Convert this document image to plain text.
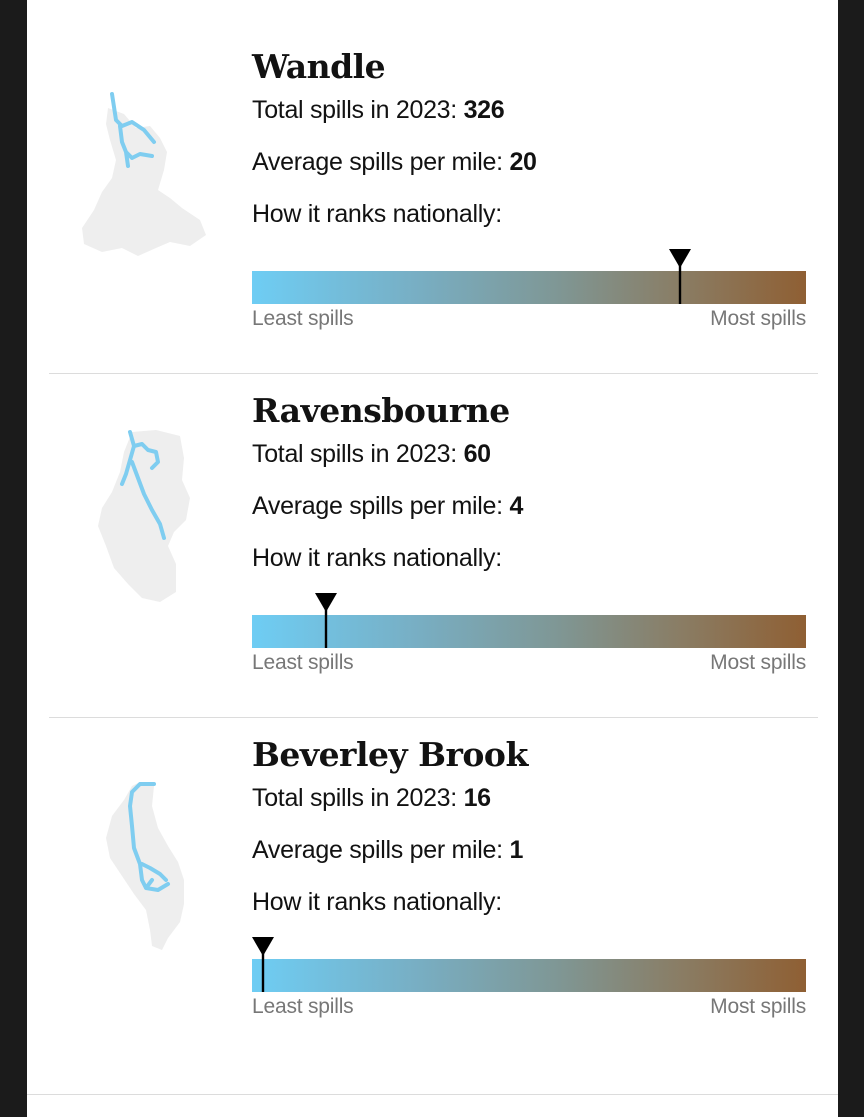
Wandle

Total spills in 2023: 326

Average spills per mile: 20

How it ranks nationally:

Least spills	Most spills

Ravensbourne

Total spills in 2023: 60

Average spills per mile: 4

How it ranks nationally:

Least spills	Most spills

Beverley Brook

Total spills in 2023: 16

Average spills per mile: 1

How it ranks nationally:

Least spills	Most spills
